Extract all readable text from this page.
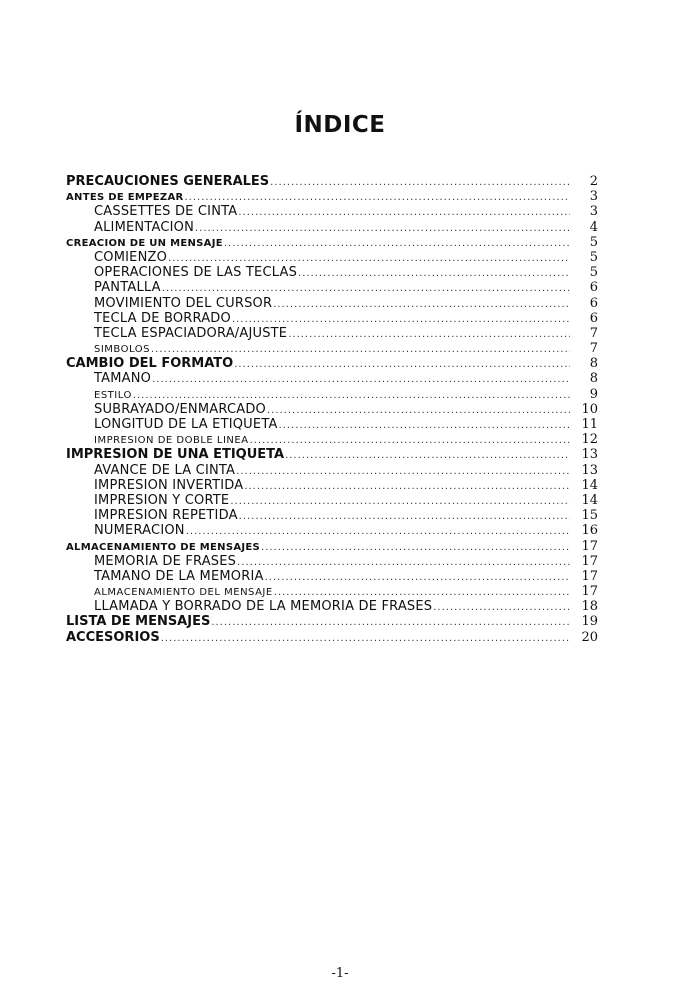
ÍNDICE
PRECAUCIONES GENERALES .....	2
ANTES DE EMPEZAR .....	3
CASSETTES DE CINTA .....	3
ALIMENTACION .....	4
CREACION DE UN MENSAJE .....	5
COMIENZO .....	5
OPERACIONES DE LAS TECLAS .....	5
PANTALLA .....	6
MOVIMIENTO DEL CURSOR .....	6
TECLA DE BORRADO .....	6
TECLA ESPACIADORA/AJUSTE .....	7
SIMBOLOS .....	7
CAMBIO DEL FORMATO .....	8
TAMAÑO .....	8
ESTILO .....	9
SUBRAYADO/ENMARCADO .....	10
LONGITUD DE LA ETIQUETA .....	11
IMPRESION DE DOBLE LINEA .....	12
IMPRESION DE UNA ETIQUETA .....	13
AVANCE DE LA CINTA .....	13
IMPRESION INVERTIDA .....	14
IMPRESION Y CORTE .....	14
IMPRESION REPETIDA .....	15
NUMERACIÓN .....	16
ALMACENAMIENTO DE MENSAJES .....	17
MEMORIA DE FRASES .....	17
TAMAÑO DE LA MEMORIA .....	17
ALMACENAMIENTO DEL MENSAJE .....	17
LLAMADA Y BORRADO DE LA MEMORIA DE FRASES .....	18
LISTA DE MENSAJES .....	19
ACCESORIOS .....	20
-1-
